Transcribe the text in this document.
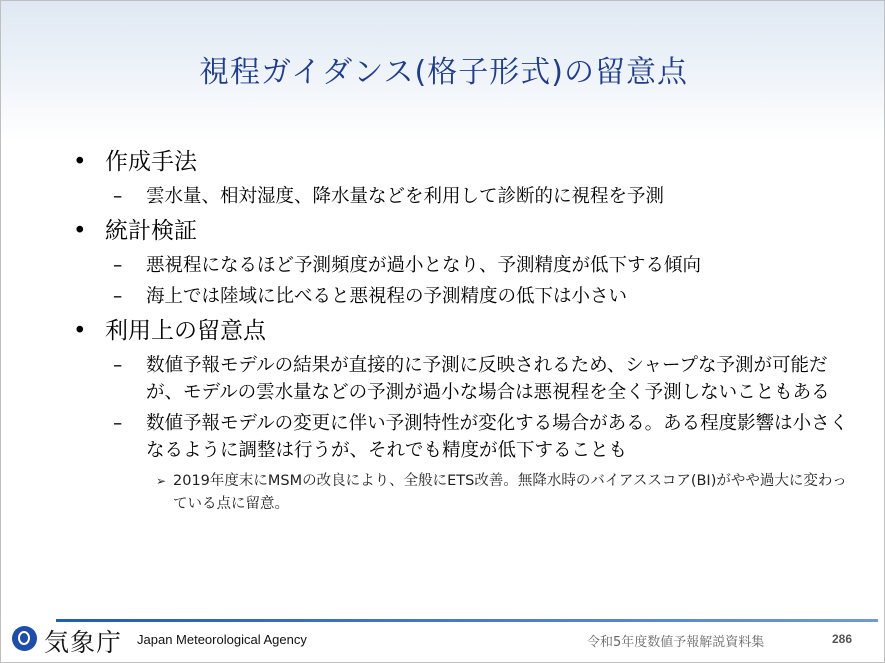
視程ガイダンス(格子形式)の留意点
• 作成手法
– 雲水量、相対湿度、降水量などを利用して診断的に視程を予測
• 統計検証
– 悪視程になるほど予測頻度が過小となり、予測精度が低下する傾向
– 海上では陸域に比べると悪視程の予測精度の低下は小さい
• 利用上の留意点
– 数値予報モデルの結果が直接的に予測に反映されるため、シャープな予測が可能だが、モデルの雲水量などの予測が過小な場合は悪視程を全く予測しないこともある
– 数値予報モデルの変更に伴い予測特性が変化する場合がある。ある程度影響は小さくなるように調整は行うが、それでも精度が低下することも
➢ 2019年度末にMSMの改良により、全般にETS改善。無降水時のバイアススコア(BI)がやや過大に変わっている点に留意。
気象庁 Japan Meteorological Agency	令和5年度数値予報解説資料集	286
